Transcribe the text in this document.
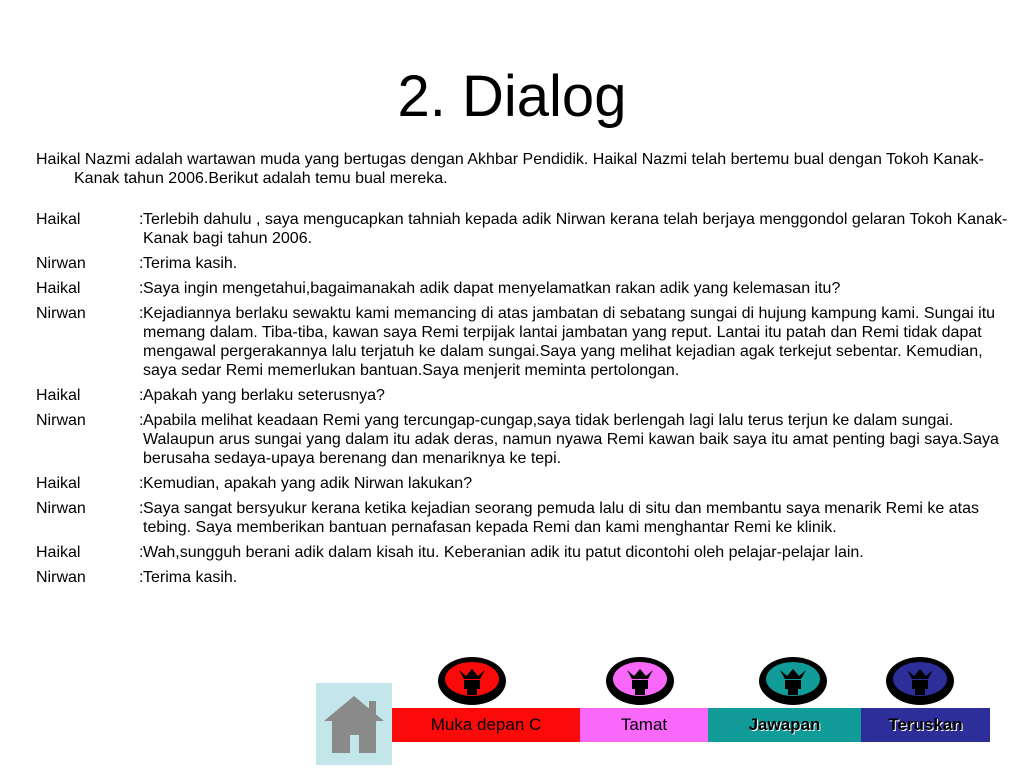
2. Dialog

Haikal Nazmi adalah wartawan muda yang bertugas dengan Akhbar Pendidik. Haikal Nazmi telah bertemu bual dengan Tokoh Kanak-Kanak tahun 2006.Berikut adalah temu bual mereka.

Haikal	: Terlebih dahulu , saya mengucapkan tahniah kepada adik Nirwan kerana telah berjaya menggondol gelaran Tokoh Kanak-Kanak bagi tahun 2006.
Nirwan	: Terima kasih.
Haikal	: Saya ingin mengetahui,bagaimanakah adik dapat menyelamatkan rakan adik yang kelemasan itu?
Nirwan	: Kejadiannya berlaku sewaktu kami memancing di atas jambatan di sebatang sungai di hujung kampung kami. Sungai itu memang dalam. Tiba-tiba, kawan saya Remi terpijak lantai jambatan yang reput. Lantai itu patah dan Remi tidak dapat mengawal pergerakannya lalu terjatuh ke dalam sungai.Saya yang melihat kejadian agak terkejut sebentar. Kemudian, saya sedar Remi memerlukan bantuan.Saya menjerit meminta pertolongan.
Haikal	: Apakah yang berlaku seterusnya?
Nirwan	: Apabila melihat keadaan Remi yang tercungap-cungap,saya tidak berlengah lagi lalu terus terjun ke dalam sungai. Walaupun arus sungai yang dalam itu adak deras, namun nyawa Remi kawan baik saya itu amat penting bagi saya.Saya berusaha sedaya-upaya berenang dan menariknya ke tepi.
Haikal	: Kemudian, apakah yang adik Nirwan lakukan?
Nirwan	: Saya sangat bersyukur kerana ketika kejadian seorang pemuda lalu di situ dan membantu saya menarik Remi ke atas tebing. Saya memberikan bantuan pernafasan kepada Remi dan kami menghantar Remi ke klinik.
Haikal	: Wah,sungguh berani adik dalam kisah itu. Keberanian adik itu patut dicontohi oleh pelajar-pelajar lain.
Nirwan	: Terima kasih.
Muka depan C	Tamat	Jawapan	Teruskan
